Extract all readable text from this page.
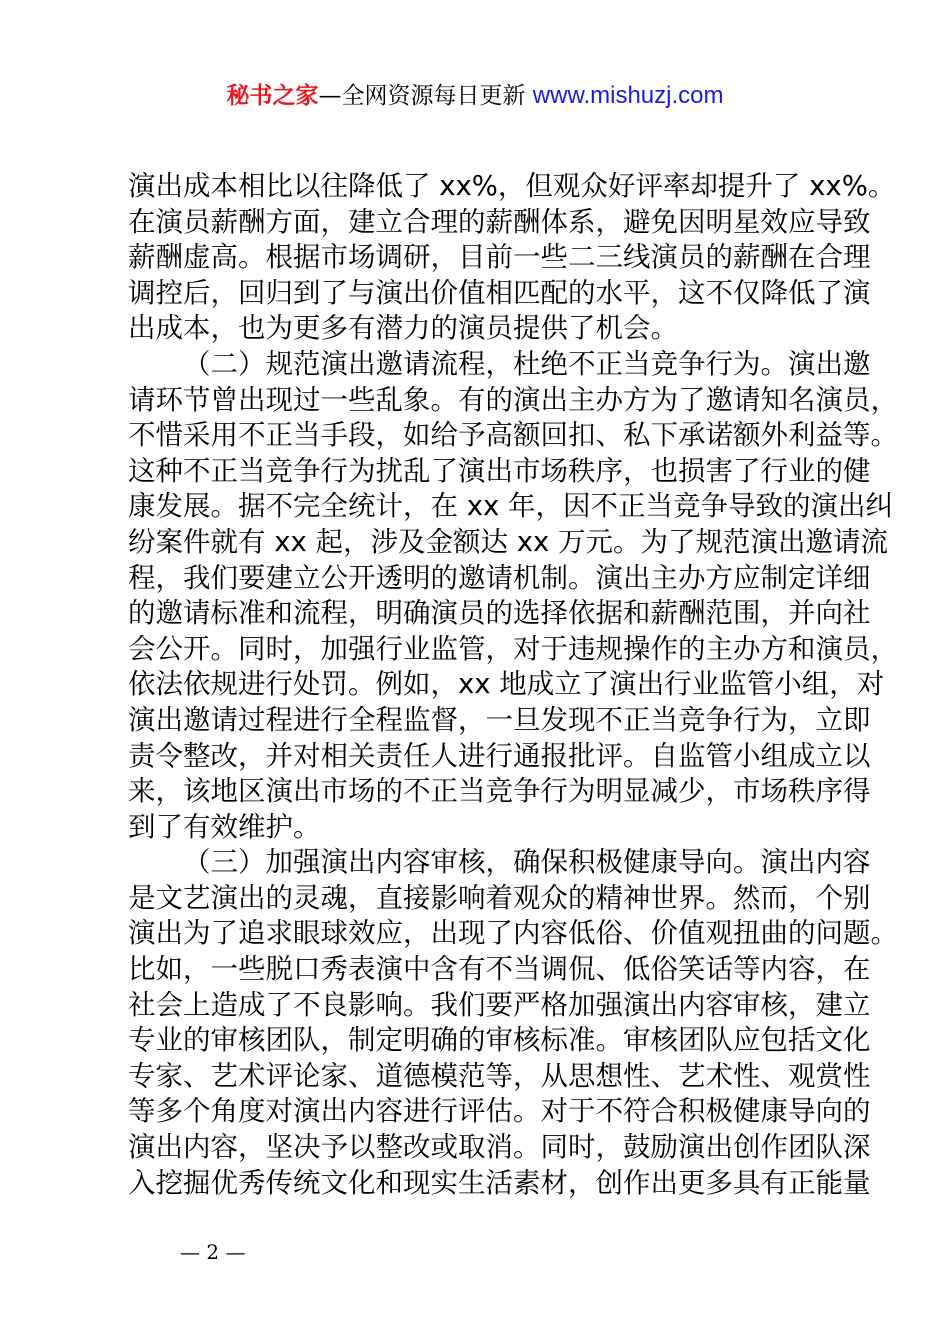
秘书之家—全网资源每日更新 www.mishuzj.com
演出成本相比以往降低了 xx%，但观众好评率却提升了 xx%。
在演员薪酬方面，建立合理的薪酬体系，避免因明星效应导致
薪酬虚高。根据市场调研，目前一些二三线演员的薪酬在合理
调控后，回归到了与演出价值相匹配的水平，这不仅降低了演
出成本，也为更多有潜力的演员提供了机会。
（二）规范演出邀请流程，杜绝不正当竞争行为。演出邀
请环节曾出现过一些乱象。有的演出主办方为了邀请知名演员，
不惜采用不正当手段，如给予高额回扣、私下承诺额外利益等。
这种不正当竞争行为扰乱了演出市场秩序，也损害了行业的健
康发展。据不完全统计，在 xx 年，因不正当竞争导致的演出纠
纷案件就有 xx 起，涉及金额达 xx 万元。为了规范演出邀请流
程，我们要建立公开透明的邀请机制。演出主办方应制定详细
的邀请标准和流程，明确演员的选择依据和薪酬范围，并向社
会公开。同时，加强行业监管，对于违规操作的主办方和演员，
依法依规进行处罚。例如，xx 地成立了演出行业监管小组，对
演出邀请过程进行全程监督，一旦发现不正当竞争行为，立即
责令整改，并对相关责任人进行通报批评。自监管小组成立以
来，该地区演出市场的不正当竞争行为明显减少，市场秩序得
到了有效维护。
（三）加强演出内容审核，确保积极健康导向。演出内容
是文艺演出的灵魂，直接影响着观众的精神世界。然而，个别
演出为了追求眼球效应，出现了内容低俗、价值观扭曲的问题。
比如，一些脱口秀表演中含有不当调侃、低俗笑话等内容，在
社会上造成了不良影响。我们要严格加强演出内容审核，建立
专业的审核团队，制定明确的审核标准。审核团队应包括文化
专家、艺术评论家、道德模范等，从思想性、艺术性、观赏性
等多个角度对演出内容进行评估。对于不符合积极健康导向的
演出内容，坚决予以整改或取消。同时，鼓励演出创作团队深
入挖掘优秀传统文化和现实生活素材，创作出更多具有正能量
— 2 —
